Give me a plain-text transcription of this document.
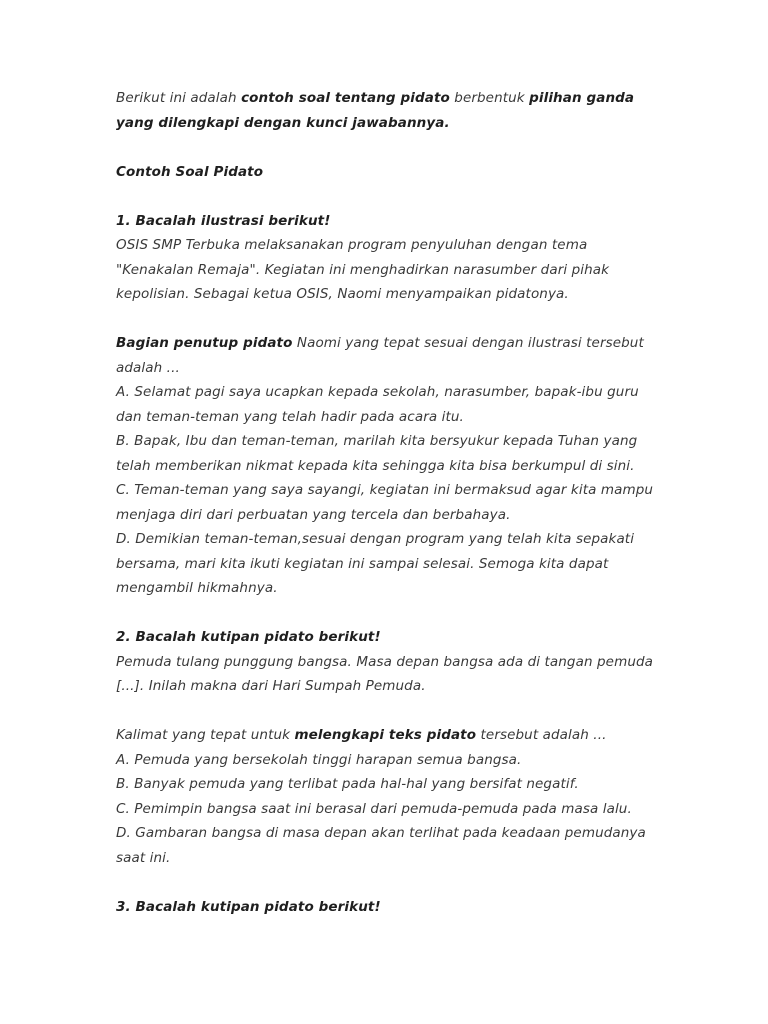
Berikut ini adalah contoh soal tentang pidato berbentuk pilihan ganda yang dilengkapi dengan kunci jawabannya.

Contoh Soal Pidato

1. Bacalah ilustrasi berikut!

OSIS SMP Terbuka melaksanakan program penyuluhan dengan tema
"Kenakalan Remaja". Kegiatan ini menghadirkan narasumber dari pihak
kepolisian. Sebagai ketua OSIS, Naomi menyampaikan pidatonya.
Bagian penutup pidato Naomi yang tepat sesuai dengan ilustrasi tersebut
adalah ...
A. Selamat pagi saya ucapkan kepada sekolah, narasumber, bapak-ibu guru
dan teman-teman yang telah hadir pada acara itu.
B. Bapak, Ibu dan teman-teman, marilah kita bersyukur kepada Tuhan yang
telah memberikan nikmat kepada kita sehingga kita bisa berkumpul di sini.
C. Teman-teman yang saya sayangi, kegiatan ini bermaksud agar kita mampu
menjaga diri dari perbuatan yang tercela dan berbahaya.
D. Demikian teman-teman,sesuai dengan program yang telah kita sepakati
bersama, mari kita ikuti kegiatan ini sampai selesai. Semoga kita dapat
mengambil hikmahnya.

2. Bacalah kutipan pidato berikut!

Pemuda tulang punggung bangsa. Masa depan bangsa ada di tangan pemuda
[...]. Inilah makna dari Hari Sumpah Pemuda.
Kalimat yang tepat untuk melengkapi teks pidato tersebut adalah ...
A. Pemuda yang bersekolah tinggi harapan semua bangsa.
B. Banyak pemuda yang terlibat pada hal-hal yang bersifat negatif.
C. Pemimpin bangsa saat ini berasal dari pemuda-pemuda pada masa lalu.
D. Gambaran bangsa di masa depan akan terlihat pada keadaan pemudanya
saat ini.

3. Bacalah kutipan pidato berikut!
